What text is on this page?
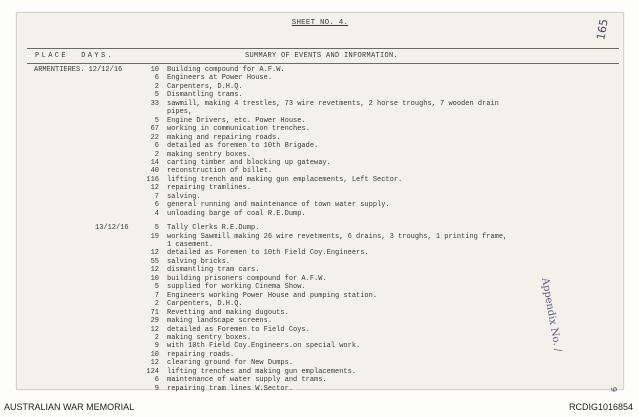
SHEET NO. 4.	165
PLACE  DAYS.	SUMMARY OF EVENTS AND INFORMATION.
ARMENTIERES. 12/12/16	10 Building compound for A.F.W.
6 Engineers at Power House.
2 Carpenters, D.H.Q.
5 Dismantling trams.
33 sawmill, making 4 trestles, 73 wire revetments, 2 horse troughs, 7 wooden drain
pipes,
5 Engine Drivers, etc. Power House.
67 working in communication trenches.
22 making and repairing roads.
6 detailed as foremen to 10th Brigade.
2 making sentry boxes.
14 carting timber and blocking up gateway.
40 reconstruction of billet.
116 lifting trench and making gun emplacements, Left Sector.
12 repairing tramlines.
7 salving.
6 general running and maintenance of town water supply.
4 unloading barge of coal R.E.Dump.
13/12/16	5 Tally Clerks R.E.Dump.
19 working Sawmill making 26 wire revetments, 6 drains, 3 troughs, 1 printing frame,
1 casement.
12 detailed as Foremen to 10th Field Coy.Engineers.
55 salving bricks.
12 dismantling tram cars.
10 building prisoners compound for A.F.W.
5 supplied for working Cinema Show.
7 Engineers working Power House and pumping station.
2 Carpenters, D.H.Q.
71 Revetting and making dugouts.
29 making landscape screens.
12 detailed as Foremen to Field Coys.
2 making sentry boxes.
9 with 10th Field Coy.Engineers.on special work.
10 repairing roads.
12 clearing ground for New Dumps.
124 lifting trenches and making gun emplacements.
6 maintenance of water supply and trams.
9 repairing tram lines W.Sector.
Appendix No. /
6
AUSTRALIAN WAR MEMORIAL	RCDIG1016854
